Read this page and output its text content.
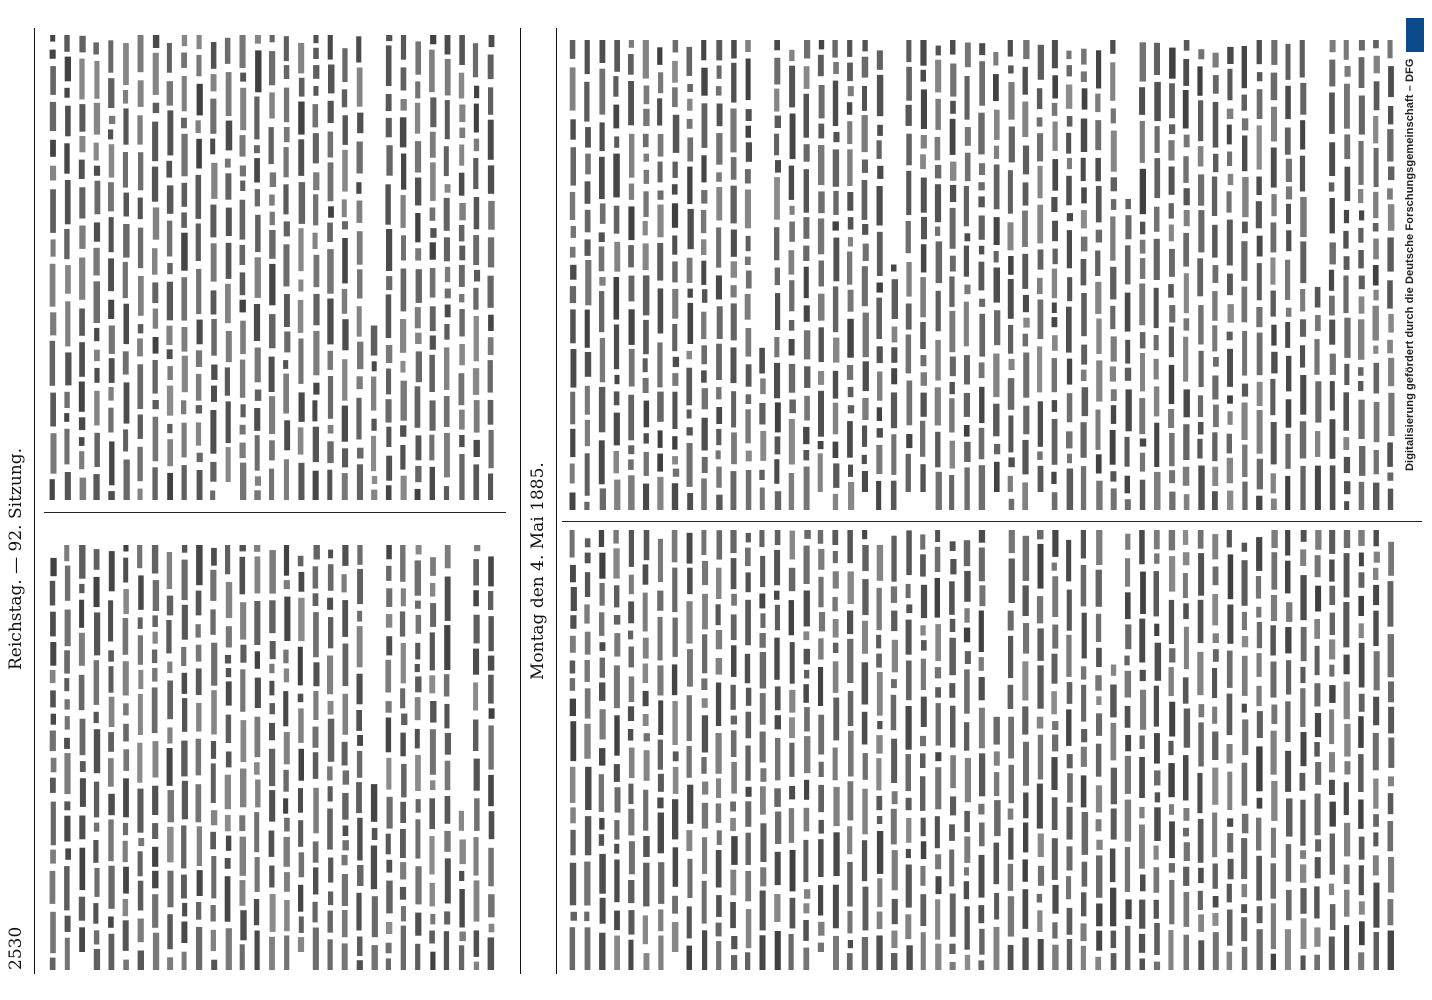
2530
Reichstag. — 92. Sitzung.	Montag den 4. Mai 1885.
Digitalisierung gefördert durch die Deutsche Forschungsgemeinschaft – DFG
